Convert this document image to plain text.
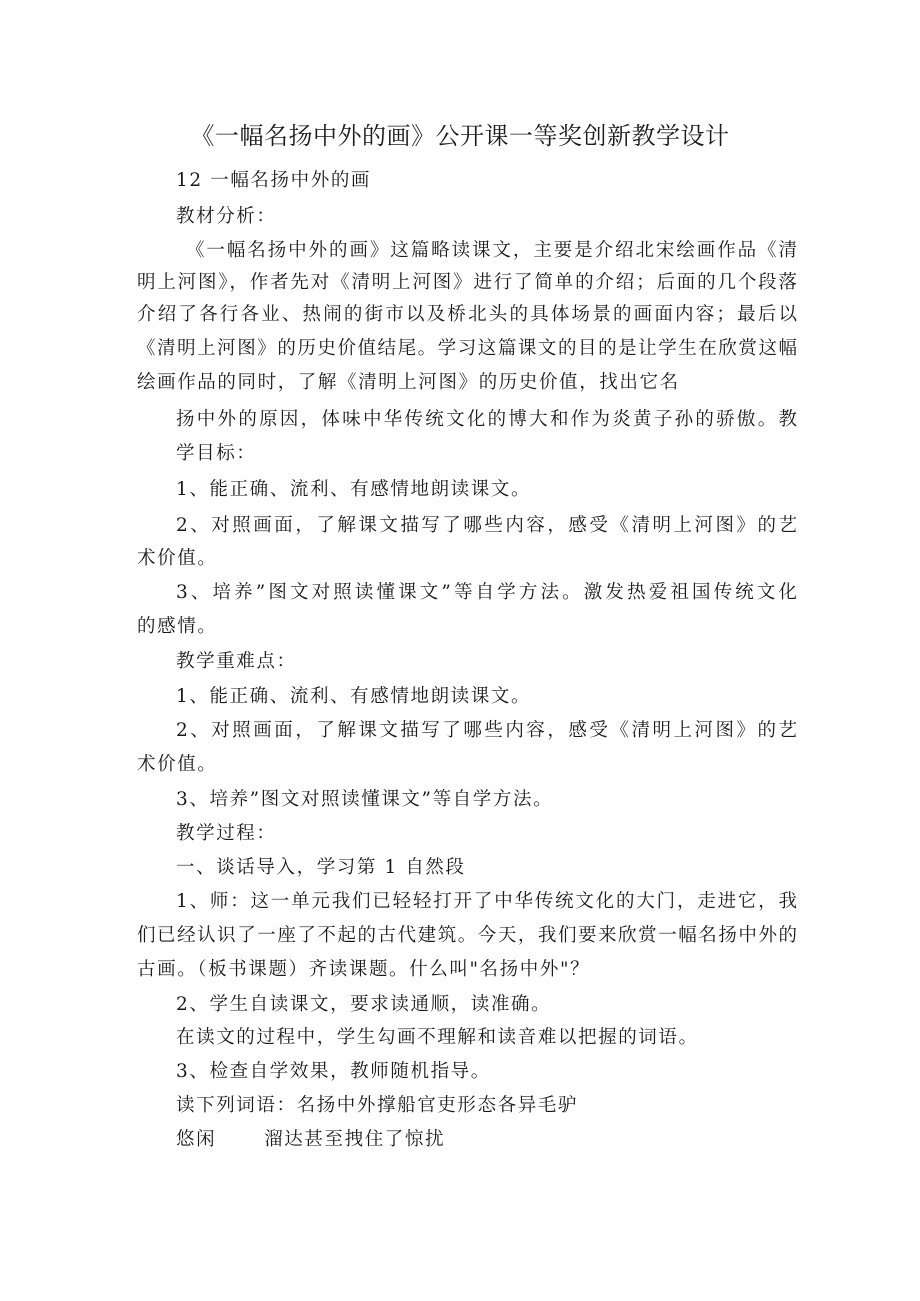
《一幅名扬中外的画》公开课一等奖创新教学设计

12 一幅名扬中外的画

教材分析：

《一幅名扬中外的画》这篇略读课文，主要是介绍北宋绘画作品《清

明上河图》，作者先对《清明上河图》进行了简单的介绍；后面的几个段落

介绍了各行各业、热闹的街市以及桥北头的具体场景的画面内容；最后以

《清明上河图》的历史价值结尾。学习这篇课文的目的是让学生在欣赏这幅

绘画作品的同时，了解《清明上河图》的历史价值，找出它名

扬中外的原因，体味中华传统文化的博大和作为炎黄子孙的骄傲。教

学目标：

1、能正确、流利、有感情地朗读课文。

2、对照画面，了解课文描写了哪些内容，感受《清明上河图》的艺

术价值。

3、培养”图文对照读懂课文”等自学方法。激发热爱祖国传统文化

的感情。

教学重难点：

1、能正确、流利、有感情地朗读课文。

2、对照画面，了解课文描写了哪些内容，感受《清明上河图》的艺

术价值。

3、培养”图文对照读懂课文”等自学方法。

教学过程：

一、谈话导入，学习第 1 自然段

1、师：这一单元我们已轻轻打开了中华传统文化的大门，走进它，我

们已经认识了一座了不起的古代建筑。今天，我们要来欣赏一幅名扬中外的

古画。（板书课题）齐读课题。什么叫"名扬中外"？

2、学生自读课文，要求读通顺，读准确。

在读文的过程中，学生勾画不理解和读音难以把握的词语。

3、检查自学效果，教师随机指导。

读下列词语：名扬中外撑船官吏形态各异毛驴

悠闲	溜达甚至拽住了惊扰
